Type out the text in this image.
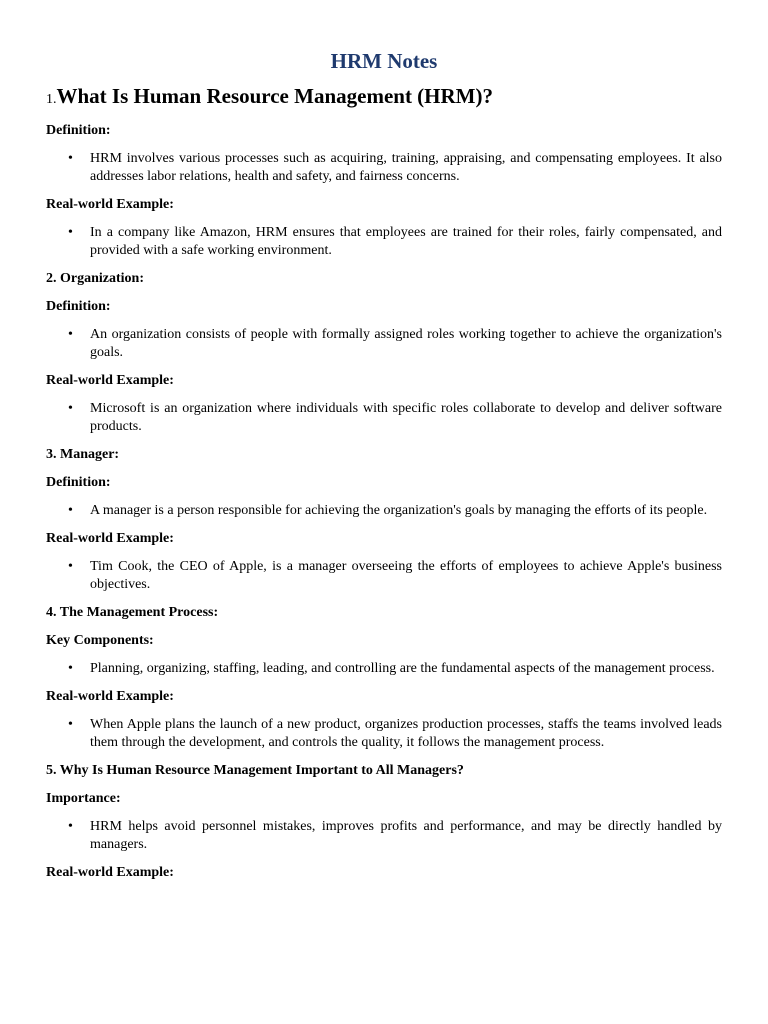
HRM Notes
1.What Is Human Resource Management (HRM)?
Definition:
• HRM involves various processes such as acquiring, training, appraising, and compensating employees. It also addresses labor relations, health and safety, and fairness concerns.
Real-world Example:
• In a company like Amazon, HRM ensures that employees are trained for their roles, fairly compensated, and provided with a safe working environment.
2. Organization:
Definition:
• An organization consists of people with formally assigned roles working together to achieve the organization's goals.
Real-world Example:
• Microsoft is an organization where individuals with specific roles collaborate to develop and deliver software products.
3. Manager:
Definition:
• A manager is a person responsible for achieving the organization's goals by managing the efforts of its people.
Real-world Example:
• Tim Cook, the CEO of Apple, is a manager overseeing the efforts of employees to achieve Apple's business objectives.
4. The Management Process:
Key Components:
• Planning, organizing, staffing, leading, and controlling are the fundamental aspects of the management process.
Real-world Example:
• When Apple plans the launch of a new product, organizes production processes, staffs the teams involved leads them through the development, and controls the quality, it follows the management process.
5. Why Is Human Resource Management Important to All Managers?
Importance:
• HRM helps avoid personnel mistakes, improves profits and performance, and may be directly handled by managers.
Real-world Example:
